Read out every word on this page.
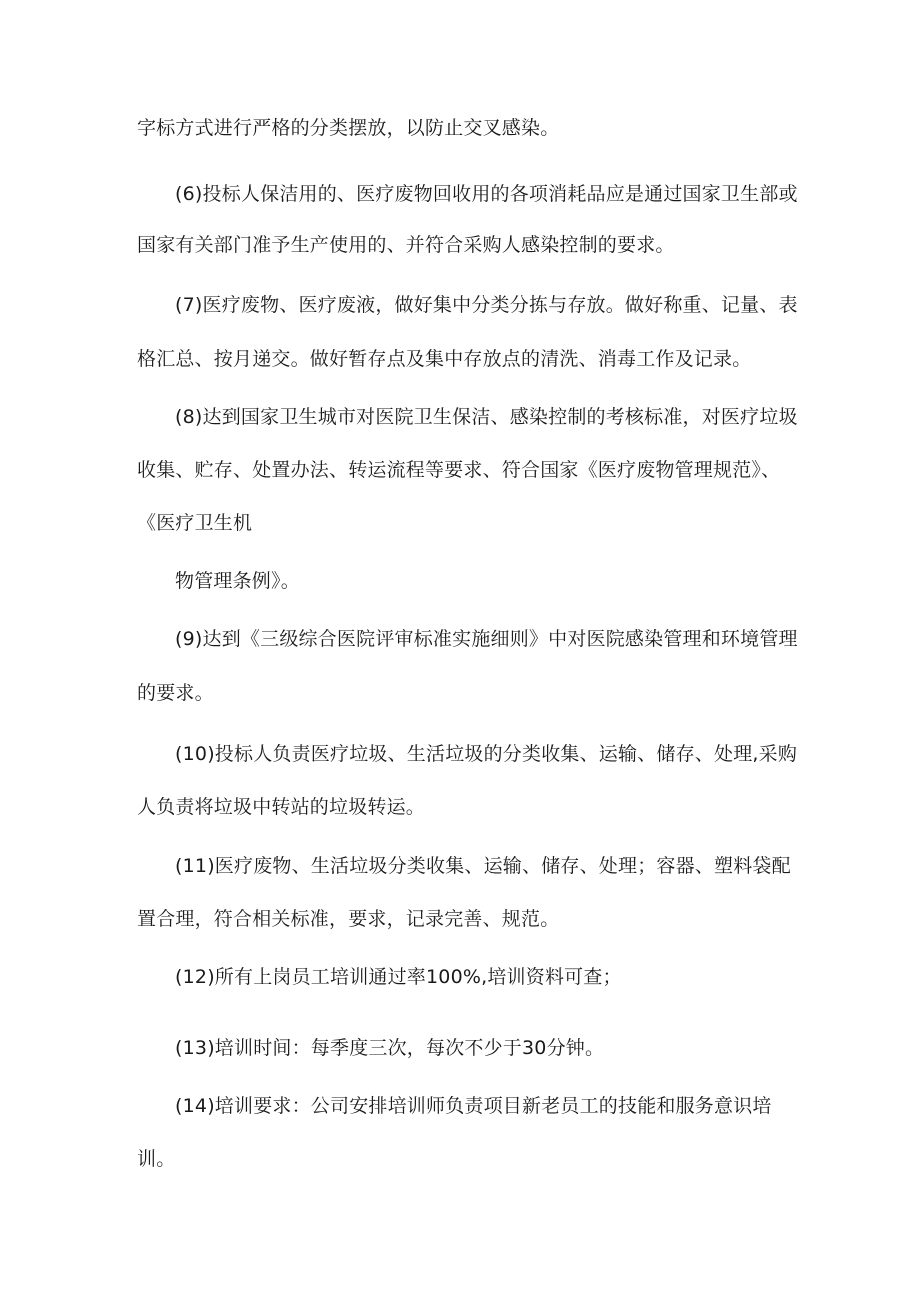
字标方式进行严格的分类摆放，以防止交叉感染。
(6)投标人保洁用的、医疗废物回收用的各项消耗品应是通过国家卫生部或
国家有关部门准予生产使用的、并符合采购人感染控制的要求。
(7)医疗废物、医疗废液，做好集中分类分拣与存放。做好称重、记量、表
格汇总、按月递交。做好暂存点及集中存放点的清洗、消毒工作及记录。
(8)达到国家卫生城市对医院卫生保洁、感染控制的考核标准，对医疗垃圾
收集、贮存、处置办法、转运流程等要求、符合国家《医疗废物管理规范》、
《医疗卫生机
物管理条例》。
(9)达到《三级综合医院评审标准实施细则》中对医院感染管理和环境管理
的要求。
(10)投标人负责医疗垃圾、生活垃圾的分类收集、运输、储存、处理,采购
人负责将垃圾中转站的垃圾转运。
(11)医疗废物、生活垃圾分类收集、运输、储存、处理；容器、塑料袋配
置合理，符合相关标准，要求，记录完善、规范。
(12)所有上岗员工培训通过率100%,培训资料可查；
(13)培训时间：每季度三次，每次不少于30分钟。
(14)培训要求：公司安排培训师负责项目新老员工的技能和服务意识培
训。
